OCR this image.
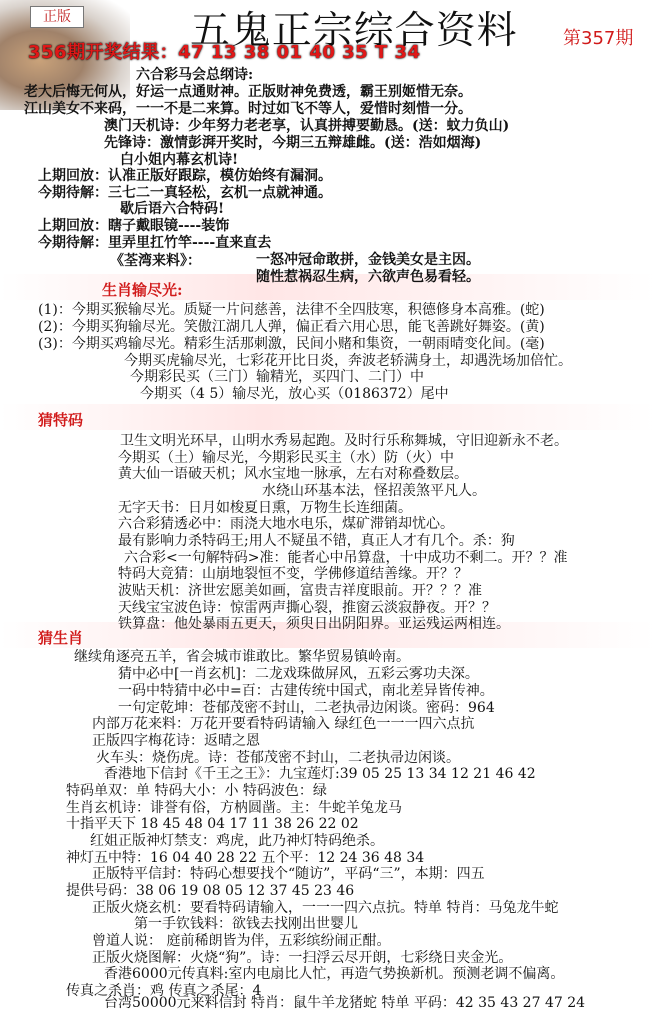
正版	五鬼正宗综合资料	第357期
356期开奖结果：47 13 38 01 40 35 T 34
六合彩马会总纲诗:
老大后悔无何从，好运一点通财神。正版财神免费透，霸王别姬惜无奈。
江山美女不来码，一一不是二来算。时过如飞不等人，爱惜时刻惜一分。
澳门天机诗：少年努力老老享，认真拼搏要勤恳。(送：蚊力负山)
先锋诗：激情彭湃开奖时，今期三五辩雄雌。(送：浩如烟海)
白小姐内幕玄机诗!
上期回放：认准正版好跟踪，模仿始终有漏洞。
今期待解：三七二一真轻松，玄机一点就神通。
歇后语六合特码!
上期回放：瞎子戴眼镜----装饰
今期待解：里弄里扛竹竿----直来直去
《荃湾来料》：	一怒冲冠命敢拼，金钱美女是主因。
随性惹祸忍生病，六欲声色易看轻。
生肖输尽光:
(1)：今期买猴输尽光。质疑一片问慈善，法律不全四肢寒，积德修身本高雅。(蛇)
(2)：今期买狗输尽光。笑傲江湖几人弹，偏正看六用心思，能飞善跳好舞姿。(黄)
(3)：今期买鸡输尽光。精彩生活那刺激，民间小赌和集资，一朝雨晴变化间。(毫)
今期买虎输尽光，七彩花开比日炎，奔波老轿满身土，却遇洗场加倍忙。
今期彩民买（三门）输精光，买四门、二门）中
今期买（4 5）输尽光，放心买（0186372）尾中
猜特码
卫生文明光环早，山明水秀易起跑。及时行乐称舞城，守旧迎新永不老。
今期买（土）输尽光，今期彩民买主（水）防（火）中
黄大仙一语破天机；风水宝地一脉承，左右对称叠数层。
水绕山环基本法，怪招羡煞平凡人。
无字天书：日月如梭夏日熏，万物生长连细菌。
六合彩猜透必中：雨浇大地水电乐，煤矿滞销却忧心。
最有影响力杀特码王;用人不疑虽不错，真正人才有几个。杀：狗
六合彩<一句解特码>准：能者心中吊算盘，十中成功不剩二。开？？准
特码大竞猜：山崩地裂恒不变，学佛修道结善缘。开？？
波贴天机：济世宏愿美如画，富贵吉祥度眼前。开？？？准
天线宝宝波色诗：惊雷两声撕心裂，推窗云淡寂静夜。开？？
铁算盘：他处暴雨五更天，须臾日出阴阳界。亚运残运两相连。
猜生肖
继续角逐亮五羊，省会城市谁敢比。繁华贸易镇岭南。
猜中必中[一肖玄机]：二龙戏珠做屏风，五彩云雾功夫深。
一码中特猜中必中=百：古建传统中国式，南北差异皆传神。
一句定乾坤：苍郁茂密不封山，二老执帚边闲谈。密码：964
内部万花来料：万花开要看特码请输入 绿红色一一一四六点抗
正版四字梅花诗：返晴之恩
火车头：烧伤虎。诗：苍郁茂密不封山，二老执帚边闲谈。
香港地下信封《千王之王》：九宝莲灯:39 05 25 13 34 12 21 46 42
特码单双：单 特码大小：小 特码波色：绿
生肖玄机诗：诽誉有俗，方枘圆凿。主：牛蛇羊兔龙马
十指平天下 18 45 48 04 17 11 38 26 22 02
红姐正版神灯禁支：鸡虎，此乃神灯特码绝杀。
神灯五中特：16 04 40 28 22 五个平：12 24 36 48 34
正版特平信封：特码心想要找个“随访”，平码“三”，本期：四五
提供号码：38 06 19 08 05 12 37 45 23 46
正版火烧玄机：要看特码请输入，一一一四六点抗。特单 特肖：马兔龙牛蛇
第一手钦钱料：欲钱去找刚出世婴儿
曾道人说： 庭前稀朗皆为伴，五彩缤纷闹正酣。
正版火烧图解：火烧“狗”。诗：一扫浮云尽开朗，七彩绕日夹金光。
香港6000元传真料:室内电扇比人忙，再造气势换新机。预测老调不偏离。
传真之杀肖：鸡 传真之杀尾：4
台湾50000元来料信封 特肖：鼠牛羊龙猪蛇 特单 平码：42 35 43 27 47 24
